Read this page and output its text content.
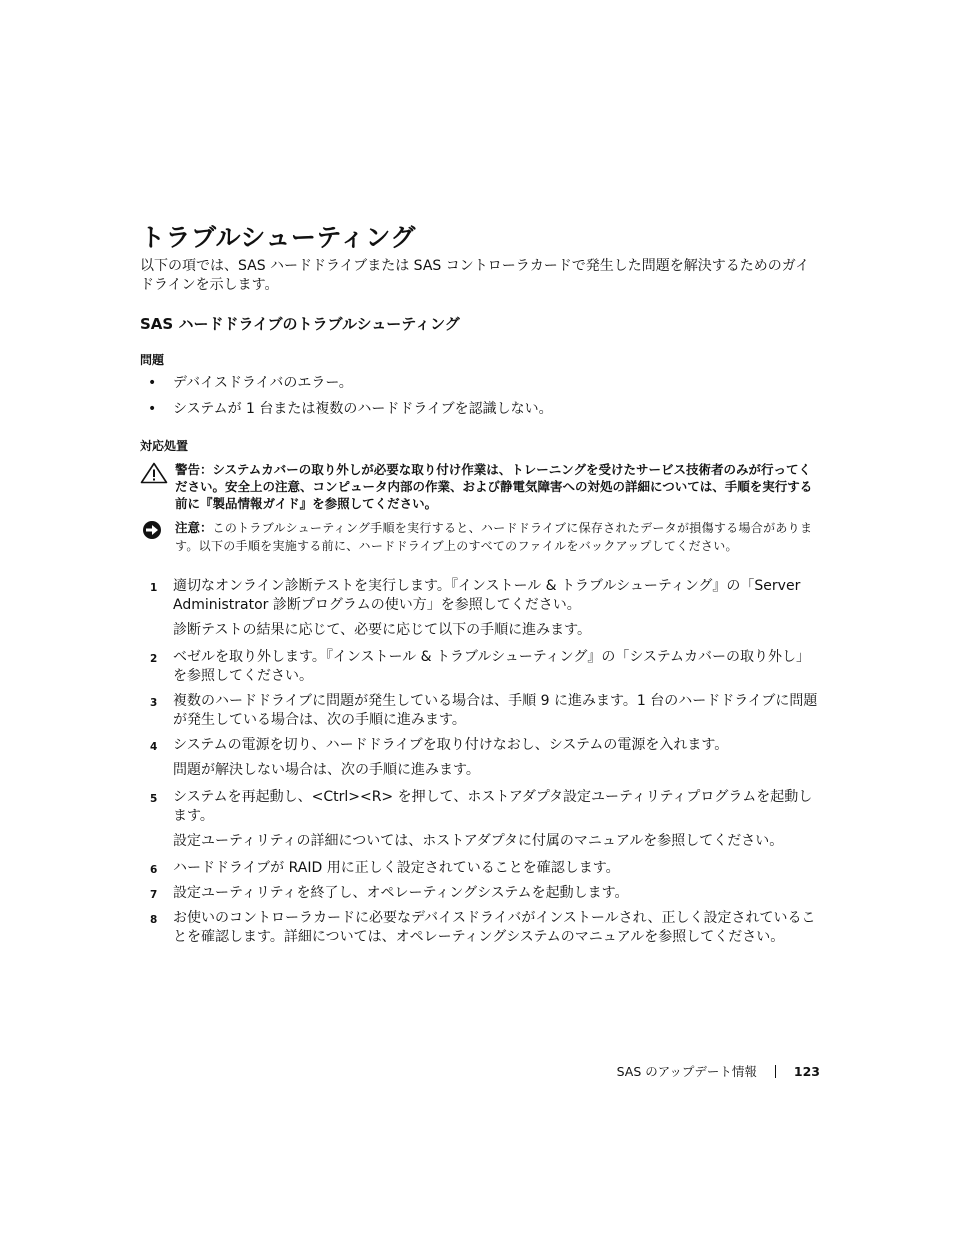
トラブルシューティング

以下の項では、SAS ハードドライブまたは SAS コントローラカードで発生した問題を解決するためのガイドラインを示します。

SAS ハードドライブのトラブルシューティング
問題
• デバイスドライバのエラー。
• システムが 1 台または複数のハードドライブを認識しない。
対応処置
警告：システムカバーの取り外しが必要な取り付け作業は、トレーニングを受けたサービス技術者のみが行ってください。安全上の注意、コンピュータ内部の作業、および静電気障害への対処の詳細については、手順を実行する前に『製品情報ガイド』を参照してください。
注意：このトラブルシューティング手順を実行すると、ハードドライブに保存されたデータが損傷する場合があります。以下の手順を実施する前に、ハードドライブ上のすべてのファイルをバックアップしてください。
1 適切なオンライン診断テストを実行します。『インストール & トラブルシューティング』の「Server Administrator 診断プログラムの使い方」を参照してください。
診断テストの結果に応じて、必要に応じて以下の手順に進みます。
2 ベゼルを取り外します。『インストール & トラブルシューティング』の「システムカバーの取り外し」を参照してください。
3 複数のハードドライブに問題が発生している場合は、手順 9 に進みます。1 台のハードドライブに問題が発生している場合は、次の手順に進みます。
4 システムの電源を切り、ハードドライブを取り付けなおし、システムの電源を入れます。
問題が解決しない場合は、次の手順に進みます。
5 システムを再起動し、<Ctrl><R> を押して、ホストアダプタ設定ユーティリティプログラムを起動します。
設定ユーティリティの詳細については、ホストアダプタに付属のマニュアルを参照してください。
6 ハードドライブが RAID 用に正しく設定されていることを確認します。
7 設定ユーティリティを終了し、オペレーティングシステムを起動します。
8 お使いのコントローラカードに必要なデバイスドライバがインストールされ、正しく設定されていることを確認します。詳細については、オペレーティングシステムのマニュアルを参照してください。
SAS のアップデート情報	123
